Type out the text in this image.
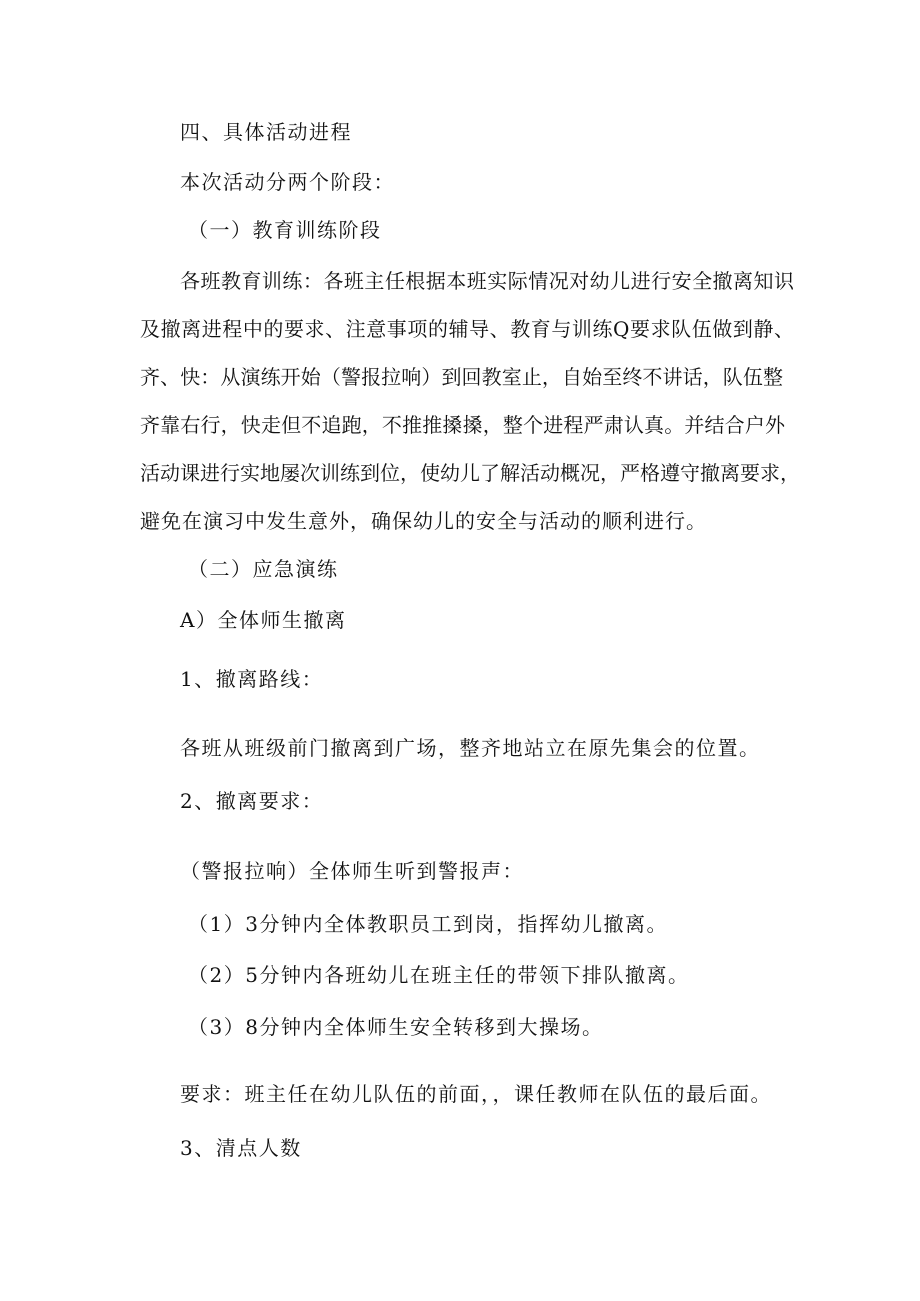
四、具体活动进程
本次活动分两个阶段：
（一）教育训练阶段
各班教育训练：各班主任根据本班实际情况对幼儿进行安全撤离知识
及撤离进程中的要求、注意事项的辅导、教育与训练Q要求队伍做到静、
齐、快：从演练开始（警报拉响）到回教室止，自始至终不讲话，队伍整
齐靠右行，快走但不追跑，不推推搡搡，整个进程严肃认真。并结合户外
活动课进行实地屡次训练到位，使幼儿了解活动概况，严格遵守撤离要求，
避免在演习中发生意外，确保幼儿的安全与活动的顺利进行。
（二）应急演练
A）全体师生撤离
1、撤离路线：
各班从班级前门撤离到广场，整齐地站立在原先集会的位置。
2、撤离要求：
（警报拉响）全体师生听到警报声：
（1）3分钟内全体教职员工到岗，指挥幼儿撤离。
（2）5分钟内各班幼儿在班主任的带领下排队撤离。
（3）8分钟内全体师生安全转移到大操场。
要求：班主任在幼儿队伍的前面，，课任教师在队伍的最后面。
3、清点人数
